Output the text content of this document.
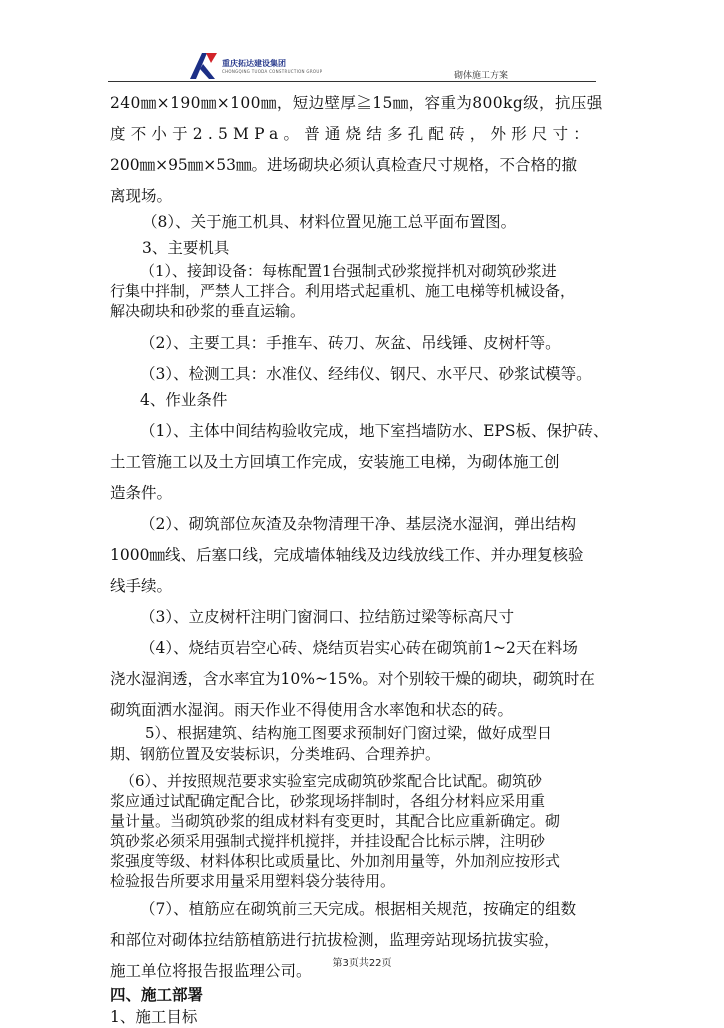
重庆拓达建设集团
CHONGQING TUODA CONSTRUCTION GROUP	砌体施工方案

240㎜×190㎜×100㎜，短边壁厚≧15㎜，容重为800kg级，抗压强

度不小于2.5MPa。普通烧结多孔配砖，外形尺寸：

200㎜×95㎜×53㎜。进场砌块必须认真检查尺寸规格，不合格的撤

离现场。

（8）、关于施工机具、材料位置见施工总平面布置图。

3、主要机具

（1）、接卸设备：每栋配置1台强制式砂浆搅拌机对砌筑砂浆进

行集中拌制，严禁人工拌合。利用塔式起重机、施工电梯等机械设备，

解决砌块和砂浆的垂直运输。

（2）、主要工具：手推车、砖刀、灰盆、吊线锤、皮树杆等。

（3）、检测工具：水准仪、经纬仪、钢尺、水平尺、砂浆试模等。

4、作业条件

（1）、主体中间结构验收完成，地下室挡墙防水、EPS板、保护砖、

土工管施工以及土方回填工作完成，安装施工电梯，为砌体施工创

造条件。

（2）、砌筑部位灰渣及杂物清理干净、基层浇水湿润，弹出结构

1000㎜线、后塞口线，完成墙体轴线及边线放线工作、并办理复核验

线手续。

（3）、立皮树杆注明门窗洞口、拉结筋过梁等标高尺寸

（4）、烧结页岩空心砖、烧结页岩实心砖在砌筑前1~2天在料场

浇水湿润透，含水率宜为10%~15%。对个别较干燥的砌块，砌筑时在

砌筑面洒水湿润。雨天作业不得使用含水率饱和状态的砖。

5）、根据建筑、结构施工图要求预制好门窗过梁，做好成型日

期、钢筋位置及安装标识，分类堆码、合理养护。

（6）、并按照规范要求实验室完成砌筑砂浆配合比试配。砌筑砂

浆应通过试配确定配合比，砂浆现场拌制时，各组分材料应采用重

量计量。当砌筑砂浆的组成材料有变更时，其配合比应重新确定。砌

筑砂浆必须采用强制式搅拌机搅拌，并挂设配合比标示牌，注明砂

浆强度等级、材料体积比或质量比、外加剂用量等，外加剂应按形式

检验报告所要求用量采用塑料袋分装待用。

（7）、植筋应在砌筑前三天完成。根据相关规范，按确定的组数

和部位对砌体拉结筋植筋进行抗拔检测，监理旁站现场抗拔实验，

施工单位将报告报监理公司。

四、施工部署

1、施工目标

第3页共22页
